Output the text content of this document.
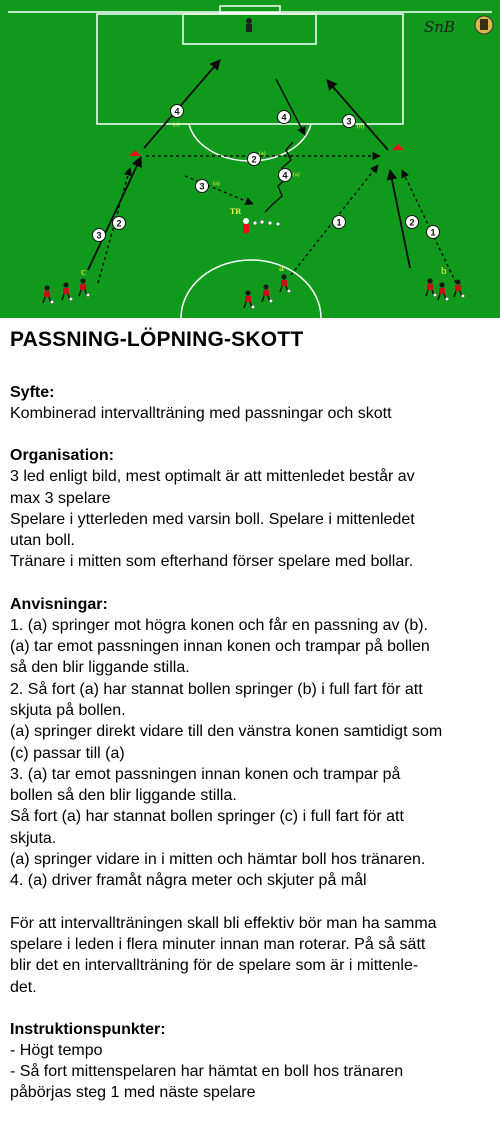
4
4	3
2
3
2
4
1
1
2
3
(c)	(b)
(a)
(a)
(a)
c	a	b
TR
SnB
PASSNING-LÖPNING-SKOTT
Syfte:
Kombinerad intervallträning med passningar och skott
Organisation:
3 led enligt bild, mest optimalt är att mittenledet består av
max 3 spelare
Spelare i ytterleden med varsin boll. Spelare i mittenledet
utan boll.
Tränare i mitten som efterhand förser spelare med bollar.
Anvisningar:
1. (a) springer mot högra konen och får en passning av (b).
(a) tar emot passningen innan konen och trampar på bollen
så den blir liggande stilla.
2. Så fort (a) har stannat bollen springer (b) i full fart för att
skjuta på bollen.
(a) springer direkt vidare till den vänstra konen samtidigt som
(c) passar till (a)
3. (a) tar emot passningen innan konen och trampar på
bollen så den blir liggande stilla.
Så fort (a) har stannat bollen springer (c) i full fart för att
skjuta.
(a) springer vidare in i mitten och hämtar boll hos tränaren.
4. (a) driver framåt några meter och skjuter på mål
För att intervallträningen skall bli effektiv bör man ha samma
spelare i leden i flera minuter innan man roterar. På så sätt
blir det en intervallträning för de spelare som är i mittenle-
det.
Instruktionspunkter:
- Högt tempo
- Så fort mittenspelaren har hämtat en boll hos tränaren
påbörjas steg 1 med näste spelare
